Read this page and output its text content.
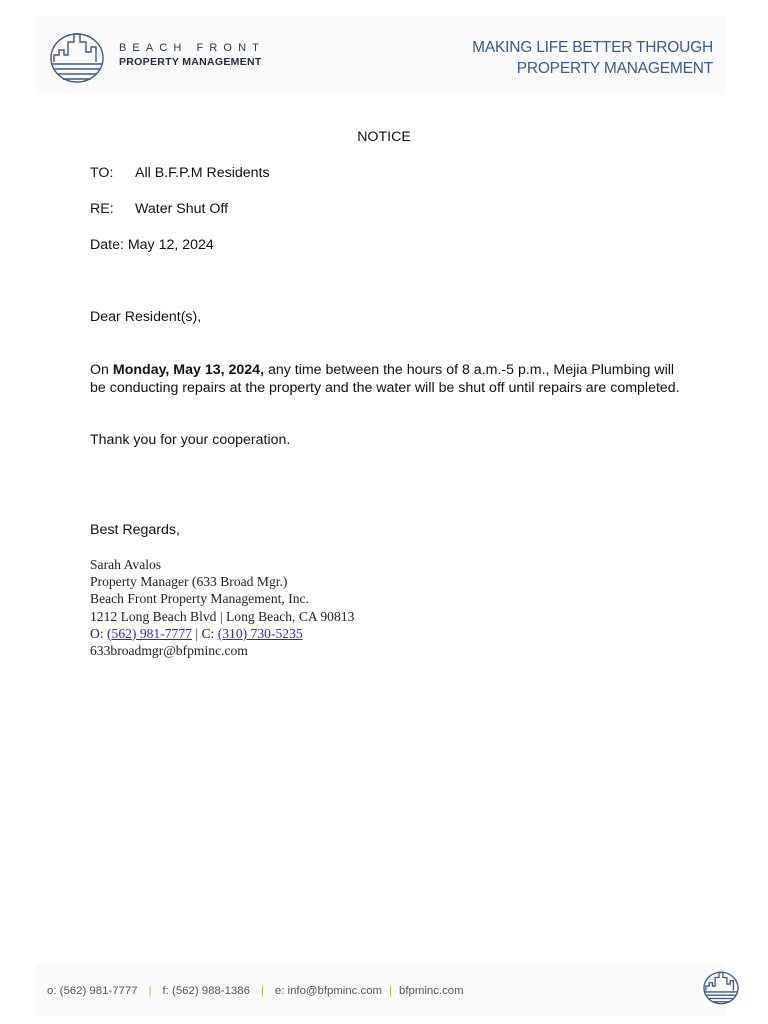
BEACH FRONT
PROPERTY MANAGEMENT
MAKING LIFE BETTER THROUGH
PROPERTY MANAGEMENT
NOTICE
TO: All B.F.P.M Residents
RE: Water Shut Off
Date: May 12, 2024
Dear Resident(s),
On Monday, May 13, 2024, any time between the hours of 8 a.m.-5 p.m., Mejia Plumbing will be conducting repairs at the property and the water will be shut off until repairs are completed.
Thank you for your cooperation.
Best Regards,
Sarah Avalos
Property Manager (633 Broad Mgr.)
Beach Front Property Management, Inc.
1212 Long Beach Blvd | Long Beach, CA 90813
O: (562) 981-7777 | C: (310) 730-5235
633broadmgr@bfpminc.com
o: (562) 981-7777 | f: (562) 988-1386 | e: info@bfpminc.com | bfpminc.com
